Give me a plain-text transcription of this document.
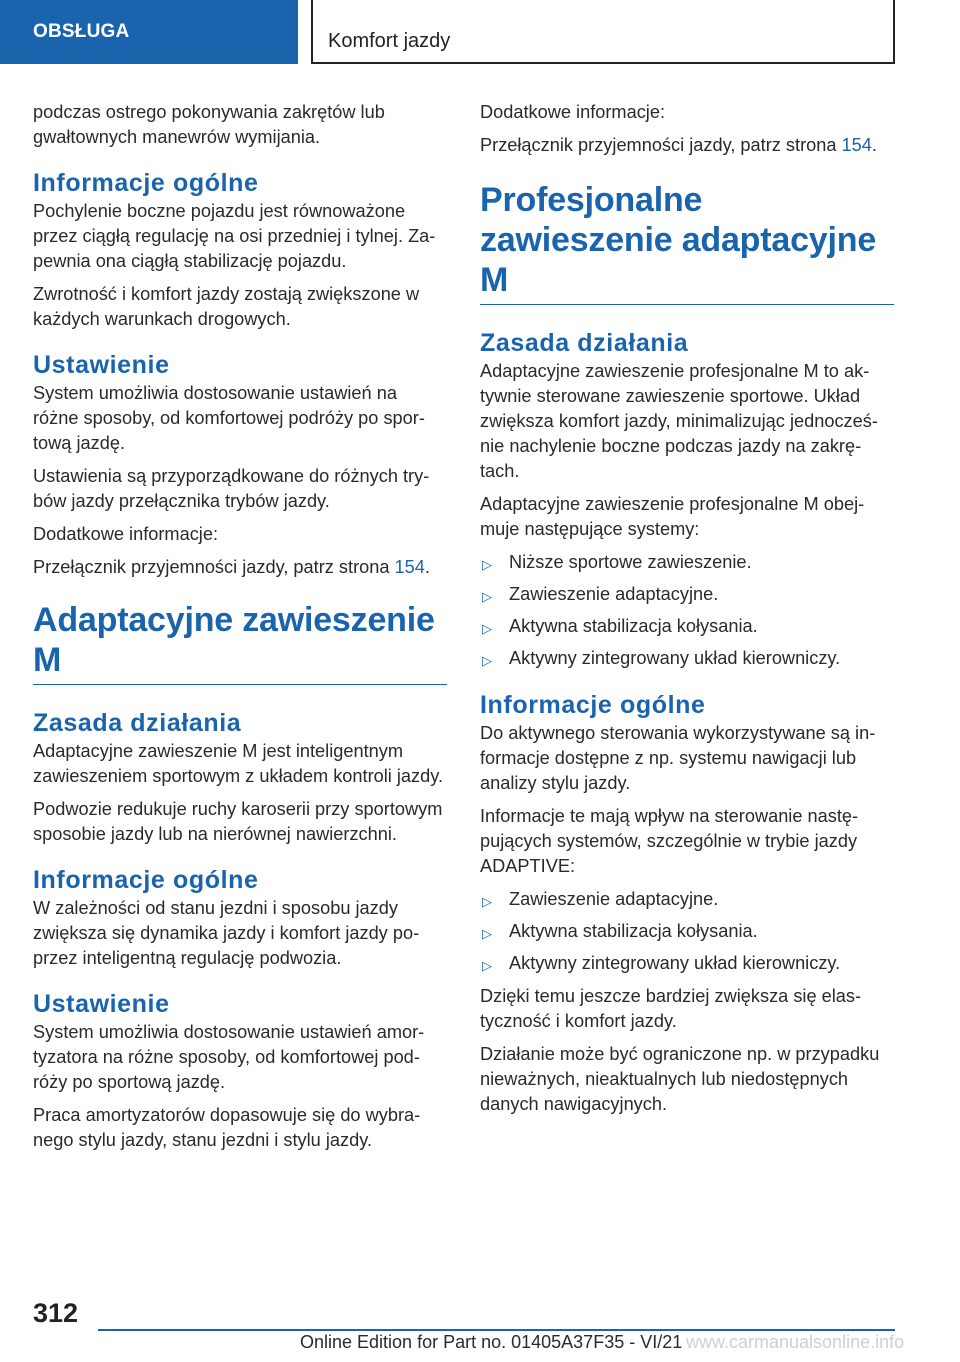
OBSŁUGA	Komfort jazdy

podczas ostrego pokonywania zakrętów lub gwałtownych manewrów wymijania.

Informacje ogólne

Pochylenie boczne pojazdu jest równoważone przez ciągłą regulację na osi przedniej i tylnej. Zapewnia ona ciągłą stabilizację pojazdu.

Zwrotność i komfort jazdy zostają zwiększone w każdych warunkach drogowych.

Ustawienie

System umożliwia dostosowanie ustawień na różne sposoby, od komfortowej podróży po sportową jazdę.

Ustawienia są przyporządkowane do różnych trybów jazdy przełącznika trybów jazdy.

Dodatkowe informacje:

Przełącznik przyjemności jazdy, patrz strona 154.

Adaptacyjne zawieszenie M
Zasada działania

Adaptacyjne zawieszenie M jest inteligentnym zawieszeniem sportowym z układem kontroli jazdy.

Podwozie redukuje ruchy karoserii przy sportowym sposobie jazdy lub na nierównej nawierzchni.

Informacje ogólne

W zależności od stanu jezdni i sposobu jazdy zwiększa się dynamika jazdy i komfort jazdy poprzez inteligentną regulację podwozia.

Ustawienie

System umożliwia dostosowanie ustawień amortyzatora na różne sposoby, od komfortowej podróży po sportową jazdę.

Praca amortyzatorów dopasowuje się do wybranego stylu jazdy, stanu jezdni i stylu jazdy.

Dodatkowe informacje:

Przełącznik przyjemności jazdy, patrz strona 154.

Profesjonalne zawieszenie adaptacyjne M
Zasada działania

Adaptacyjne zawieszenie profesjonalne M to aktywnie sterowane zawieszenie sportowe. Układ zwiększa komfort jazdy, minimalizując jednocześnie nachylenie boczne podczas jazdy na zakrętach.

Adaptacyjne zawieszenie profesjonalne M obejmuje następujące systemy:

▷ Niższe sportowe zawieszenie.
▷ Zawieszenie adaptacyjne.
▷ Aktywna stabilizacja kołysania.
▷ Aktywny zintegrowany układ kierowniczy.
Informacje ogólne

Do aktywnego sterowania wykorzystywane są informacje dostępne z np. systemu nawigacji lub analizy stylu jazdy.

Informacje te mają wpływ na sterowanie następujących systemów, szczególnie w trybie jazdy ADAPTIVE:

▷ Zawieszenie adaptacyjne.
▷ Aktywna stabilizacja kołysania.
▷ Aktywny zintegrowany układ kierowniczy.

Dzięki temu jeszcze bardziej zwiększa się elastyczność i komfort jazdy.

Działanie może być ograniczone np. w przypadku nieważnych, nieaktualnych lub niedostępnych danych nawigacyjnych.

312
Online Edition for Part no. 01405A37F35 - VI/21 www.carmanualsonline.info
